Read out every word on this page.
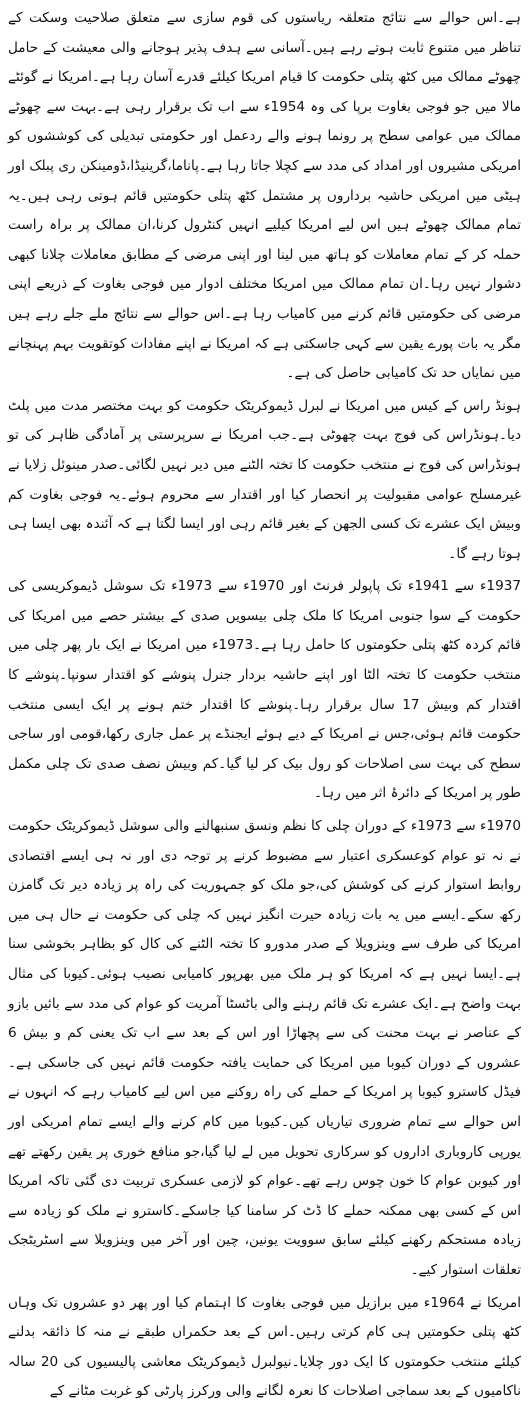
ہے۔اس حوالے سے نتائج متعلقہ ریاستوں کی قوم سازی سے متعلق صلاحیت وسکت کے تناظر میں متنوع ثابت ہوتے رہے ہیں۔آسانی سے ہدف پذیر ہوجانے والی معیشت کے حامل چھوٹے ممالک میں کٹھ پتلی حکومت کا قیام امریکا کیلئے قدرے آسان رہا ہے۔امریکا نے گوئٹے مالا میں جو فوجی بغاوت برپا کی وہ 1954ء سے اب تک برقرار رہی ہے۔بہت سے چھوٹے ممالک میں عوامی سطح پر رونما ہونے والے ردعمل اور حکومتی تبدیلی کی کوششوں کو امریکی مشیروں اور امداد کی مدد سے کچلا جاتا رہا ہے۔پاناما،گرینیڈا،ڈومینکن ری پبلک اور ہیٹی میں امریکی حاشیہ برداروں پر مشتمل کٹھ پتلی حکومتیں قائم ہوتی رہی ہیں۔یہ تمام ممالک چھوٹے ہیں اس لیے امریکا کیلیے انہیں کنٹرول کرنا،ان ممالک پر براہ راست حملہ کر کے تمام معاملات کو ہاتھ میں لینا اور اپنی مرضی کے مطابق معاملات چلانا کبھی دشوار نہیں رہا۔ان تمام ممالک میں امریکا مختلف ادوار میں فوجی بغاوت کے ذریعے اپنی مرضی کی حکومتیں قائم کرنے میں کامیاب رہا ہے۔اس حوالے سے نتائج ملے جلے رہے ہیں مگر یہ بات پورے یقین سے کہی جاسکتی ہے کہ امریکا نے اپنے مفادات کوتقویت بہم پہنچانے میں نمایاں حد تک کامیابی حاصل کی ہے۔

ہونڈ راس کے کیس میں امریکا نے لبرل ڈیموکریٹک حکومت کو بہت مختصر مدت میں پلٹ دیا۔ہونڈراس کی فوج بہت چھوٹی ہے۔جب امریکا نے سرپرستی پر آمادگی ظاہر کی تو ہونڈراس کی فوج نے منتخب حکومت کا تختہ الٹنے میں دیر نہیں لگائی۔صدر مینوئل زلایا نے غیرمسلح عوامی مقبولیت پر انحصار کیا اور اقتدار سے محروم ہوئے۔یہ فوجی بغاوت کم وبیش ایک عشرے تک کسی الجھن کے بغیر قائم رہی اور ایسا لگتا ہے کہ آئندہ بھی ایسا ہی ہوتا رہے گا۔

1937ء سے 1941ء تک پاپولر فرنٹ اور 1970ء سے 1973ء تک سوشل ڈیموکریسی کی حکومت کے سوا جنوبی امریکا کا ملک چلی بیسویں صدی کے بیشتر حصے میں امریکا کی قائم کردہ کٹھ پتلی حکومتوں کا حامل رہا ہے۔1973ء میں امریکا نے ایک بار پھر چلی میں منتخب حکومت کا تختہ الٹا اور اپنے حاشیہ بردار جنرل پنوشے کو اقتدار سونپا۔پنوشے کا اقتدار کم وبیش 17 سال برقرار رہا۔پنوشے کا اقتدار ختم ہونے پر ایک ایسی منتخب حکومت قائم ہوئی،جس نے امریکا کے دیے ہوئے ایجنڈے پر عمل جاری رکھا،قومی اور ساجی سطح کی بہت سی اصلاحات کو رول بیک کر لیا گیا۔کم وبیش نصف صدی تک چلی مکمل طور پر امریکا کے دائرۂ اثر میں رہا۔

1970ء سے 1973ء کے دوران چلی کا نظم ونسق سنبھالنے والی سوشل ڈیموکریٹک حکومت نے نہ تو عوام کوعسکری اعتبار سے مضبوط کرنے پر توجہ دی اور نہ ہی ایسے اقتصادی روابط استوار کرنے کی کوشش کی،جو ملک کو جمہوریت کی راہ پر زیادہ دیر تک گامزن رکھ سکے۔ایسے میں یہ بات زیادہ حیرت انگیز نہیں کہ چلی کی حکومت نے حال ہی میں امریکا کی طرف سے وینزویلا کے صدر مدورو کا تختہ الٹنے کی کال کو بظاہر بخوشی سنا ہے۔ایسا نہیں ہے کہ امریکا کو ہر ملک میں بھرپور کامیابی نصیب ہوئی۔کیوبا کی مثال بہت واضح ہے۔ایک عشرے تک قائم رہنے والی باٹسٹا آمریت کو عوام کی مدد سے بائیں بازو کے عناصر نے بہت محنت کی سے پچھاڑا اور اس کے بعد سے اب تک یعنی کم و بیش 6 عشروں کے دوران کیوبا میں امریکا کی حمایت یافتہ حکومت قائم نہیں کی جاسکی ہے۔فیڈل کاسترو کیوبا پر امریکا کے حملے کی راہ روکنے میں اس لیے کامیاب رہے کہ انہوں نے اس حوالے سے تمام ضروری تیاریاں کیں۔کیوبا میں کام کرنے والے ایسے تمام امریکی اور یورپی کاروباری اداروں کو سرکاری تحویل میں لے لیا گیا،جو منافع خوری پر یقین رکھتے تھے اور کیوبن عوام کا خون چوس رہے تھے۔عوام کو لازمی عسکری تربیت دی گئی تاکہ امریکا اس کے کسی بھی ممکنہ حملے کا ڈٹ کر سامنا کیا جاسکے۔کاسترو نے ملک کو زیادہ سے زیادہ مستحکم رکھنے کیلئے سابق سوویت یونین، چین اور آخر میں وینزویلا سے اسٹریٹجک تعلقات استوار کیے۔

امریکا نے 1964ء میں برازیل میں فوجی بغاوت کا اہتمام کیا اور پھر دو عشروں تک وہاں کٹھ پتلی حکومتیں ہی کام کرتی رہیں۔اس کے بعد حکمراں طبقے نے منہ کا ذائقہ بدلنے کیلئے منتخب حکومتوں کا ایک دور چلایا۔نیولبرل ڈیموکریٹک معاشی پالیسیوں کی 20 سالہ ناکامیوں کے بعد سماجی اصلاحات کا نعرہ لگانے والی ورکرز پارٹی کو غربت مٹانے کے
